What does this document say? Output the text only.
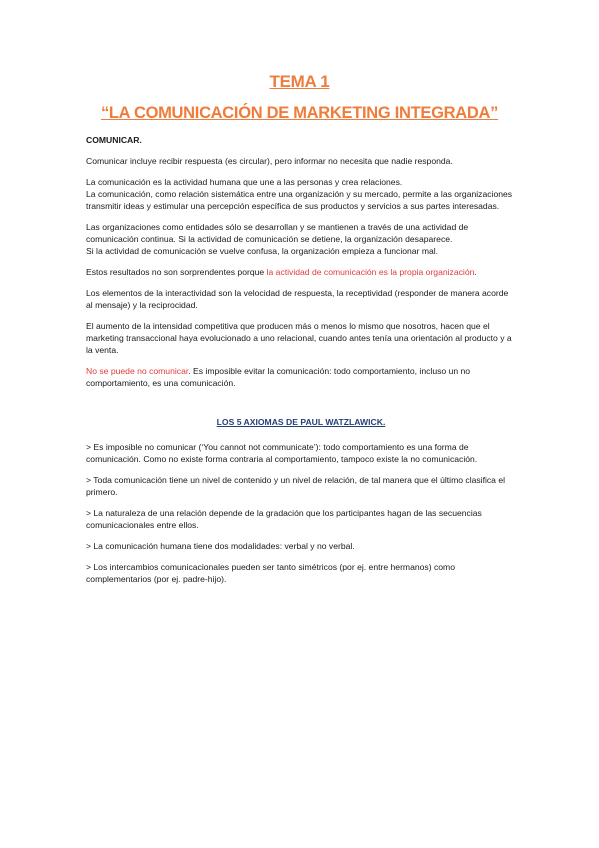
TEMA 1
“LA COMUNICACIÓN DE MARKETING INTEGRADA”

COMUNICAR.

Comunicar incluye recibir respuesta (es circular), pero informar no necesita que nadie responda.

La comunicación es la actividad humana que une a las personas y crea relaciones.
La comunicación, como relación sistemática entre una organización y su mercado, permite a las organizaciones transmitir ideas y estimular una percepción específica de sus productos y servicios a sus partes interesadas.

Las organizaciones como entidades sólo se desarrollan y se mantienen a través de una actividad de comunicación continua. Si la actividad de comunicación se detiene, la organización desaparece.
Si la actividad de comunicación se vuelve confusa, la organización empieza a funcionar mal.

Estos resultados no son sorprendentes porque la actividad de comunicación es la propia organización.

Los elementos de la interactividad son la velocidad de respuesta, la receptividad (responder de manera acorde al mensaje) y la reciprocidad.

El aumento de la intensidad competitiva que producen más o menos lo mismo que nosotros, hacen que el marketing transaccional haya evolucionado a uno relacional, cuando antes tenía una orientación al producto y a la venta.

No se puede no comunicar. Es imposible evitar la comunicación: todo comportamiento, incluso un no comportamiento, es una comunicación.

LOS 5 AXIOMAS DE PAUL WATZLAWICK.

> Es imposible no comunicar (‘You cannot not communicate’): todo comportamiento es una forma de comunicación. Como no existe forma contraria al comportamiento, tampoco existe la no comunicación.

> Toda comunicación tiene un nivel de contenido y un nivel de relación, de tal manera que el último clasifica el primero.

> La naturaleza de una relación depende de la gradación que los participantes hagan de las secuencias comunicacionales entre ellos.

> La comunicación humana tiene dos modalidades: verbal y no verbal.

> Los intercambios comunicacionales pueden ser tanto simétricos (por ej. entre hermanos) como complementarios (por ej. padre-hijo).
